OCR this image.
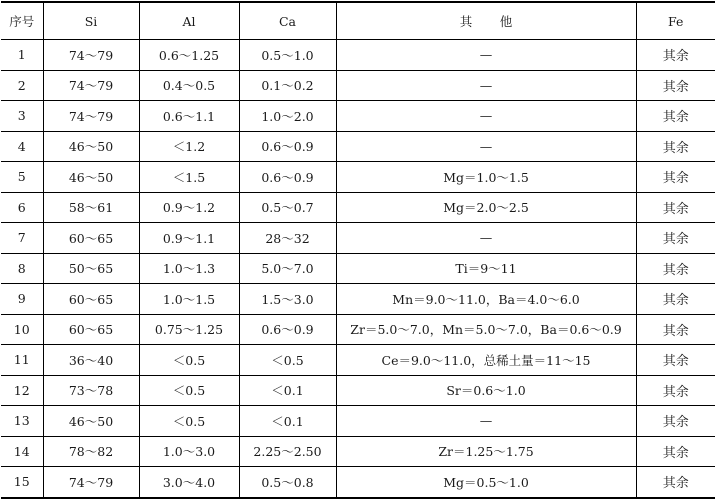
序号	Si	Al	Ca	其他	Fe
1	74～79	0.6～1.25	0.5～1.0	—	其余
2	74～79	0.4～0.5	0.1～0.2	—	其余
3	74～79	0.6～1.1	1.0～2.0	—	其余
4	46～50	＜1.2	0.6～0.9	—	其余
5	46～50	＜1.5	0.6～0.9	Mg＝1.0～1.5	其余
6	58～61	0.9～1.2	0.5～0.7	Mg＝2.0～2.5	其余
7	60～65	0.9～1.1	28～32	—	其余
8	50～65	1.0～1.3	5.0～7.0	Ti＝9～11	其余
9	60～65	1.0～1.5	1.5～3.0	Mn＝9.0～11.0，Ba＝4.0～6.0	其余
10	60～65	0.75～1.25	0.6～0.9	Zr＝5.0～7.0，Mn＝5.0～7.0，Ba＝0.6～0.9	其余
11	36～40	＜0.5	＜0.5	Ce＝9.0～11.0，总稀土量＝11～15	其余
12	73～78	＜0.5	＜0.1	Sr＝0.6～1.0	其余
13	46～50	＜0.5	＜0.1	—	其余
14	78～82	1.0～3.0	2.25～2.50	Zr＝1.25～1.75	其余
15	74～79	3.0～4.0	0.5～0.8	Mg＝0.5～1.0	其余
